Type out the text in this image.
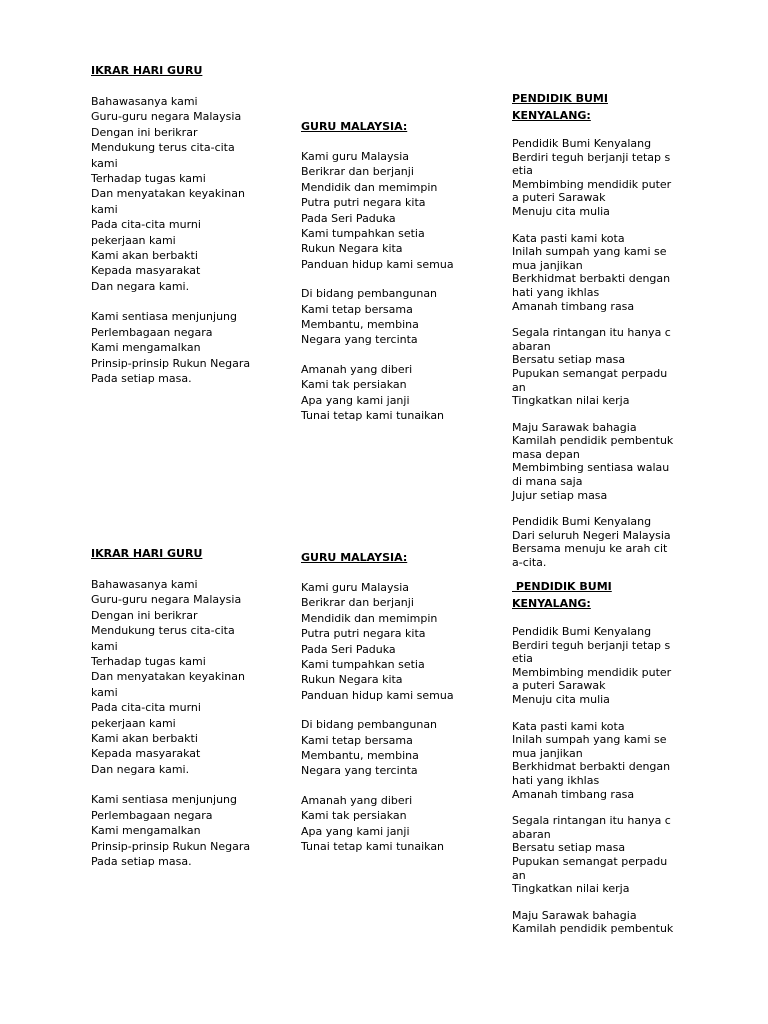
IKRAR HARI GURU

Bahawasanya kami
Guru-guru negara Malaysia
Dengan ini berikrar
Mendukung terus cita-cita
kami
Terhadap tugas kami
Dan menyatakan keyakinan
kami
Pada cita-cita murni
pekerjaan kami
Kami akan berbakti
Kepada masyarakat
Dan negara kami.

Kami sentiasa menjunjung
Perlembagaan negara
Kami mengamalkan
Prinsip-prinsip Rukun Negara
Pada setiap masa.

GURU MALAYSIA:

Kami guru Malaysia
Berikrar dan berjanji
Mendidik dan memimpin
Putra putri negara kita
Pada Seri Paduka
Kami tumpahkan setia
Rukun Negara kita
Panduan hidup kami semua

Di bidang pembangunan
Kami tetap bersama
Membantu, membina
Negara yang tercinta

Amanah yang diberi
Kami tak persiakan
Apa yang kami janji
Tunai tetap kami tunaikan

PENDIDIK BUMI
KENYALANG:

Pendidik Bumi Kenyalang
Berdiri teguh berjanji tetap s
etia
Membimbing mendidik puter
a puteri Sarawak
Menuju cita mulia

Kata pasti kami kota
Inilah sumpah yang kami se
mua janjikan
Berkhidmat berbakti dengan
hati yang ikhlas
Amanah timbang rasa

Segala rintangan itu hanya c
abaran
Bersatu setiap masa
Pupukan semangat perpadu
an
Tingkatkan nilai kerja

Maju Sarawak bahagia
Kamilah pendidik pembentuk
masa depan
Membimbing sentiasa walau
di mana saja
Jujur setiap masa

Pendidik Bumi Kenyalang
Dari seluruh Negeri Malaysia
Bersama menuju ke arah cit
a-cita.

IKRAR HARI GURU

Bahawasanya kami
Guru-guru negara Malaysia
Dengan ini berikrar
Mendukung terus cita-cita
kami
Terhadap tugas kami
Dan menyatakan keyakinan
kami
Pada cita-cita murni
pekerjaan kami
Kami akan berbakti
Kepada masyarakat
Dan negara kami.

Kami sentiasa menjunjung
Perlembagaan negara
Kami mengamalkan
Prinsip-prinsip Rukun Negara
Pada setiap masa.

GURU MALAYSIA:

Kami guru Malaysia
Berikrar dan berjanji
Mendidik dan memimpin
Putra putri negara kita
Pada Seri Paduka
Kami tumpahkan setia
Rukun Negara kita
Panduan hidup kami semua

Di bidang pembangunan
Kami tetap bersama
Membantu, membina
Negara yang tercinta

Amanah yang diberi
Kami tak persiakan
Apa yang kami janji
Tunai tetap kami tunaikan

PENDIDIK BUMI
KENYALANG:

Pendidik Bumi Kenyalang
Berdiri teguh berjanji tetap s
etia
Membimbing mendidik puter
a puteri Sarawak
Menuju cita mulia

Kata pasti kami kota
Inilah sumpah yang kami se
mua janjikan
Berkhidmat berbakti dengan
hati yang ikhlas
Amanah timbang rasa

Segala rintangan itu hanya c
abaran
Bersatu setiap masa
Pupukan semangat perpadu
an
Tingkatkan nilai kerja

Maju Sarawak bahagia
Kamilah pendidik pembentuk
